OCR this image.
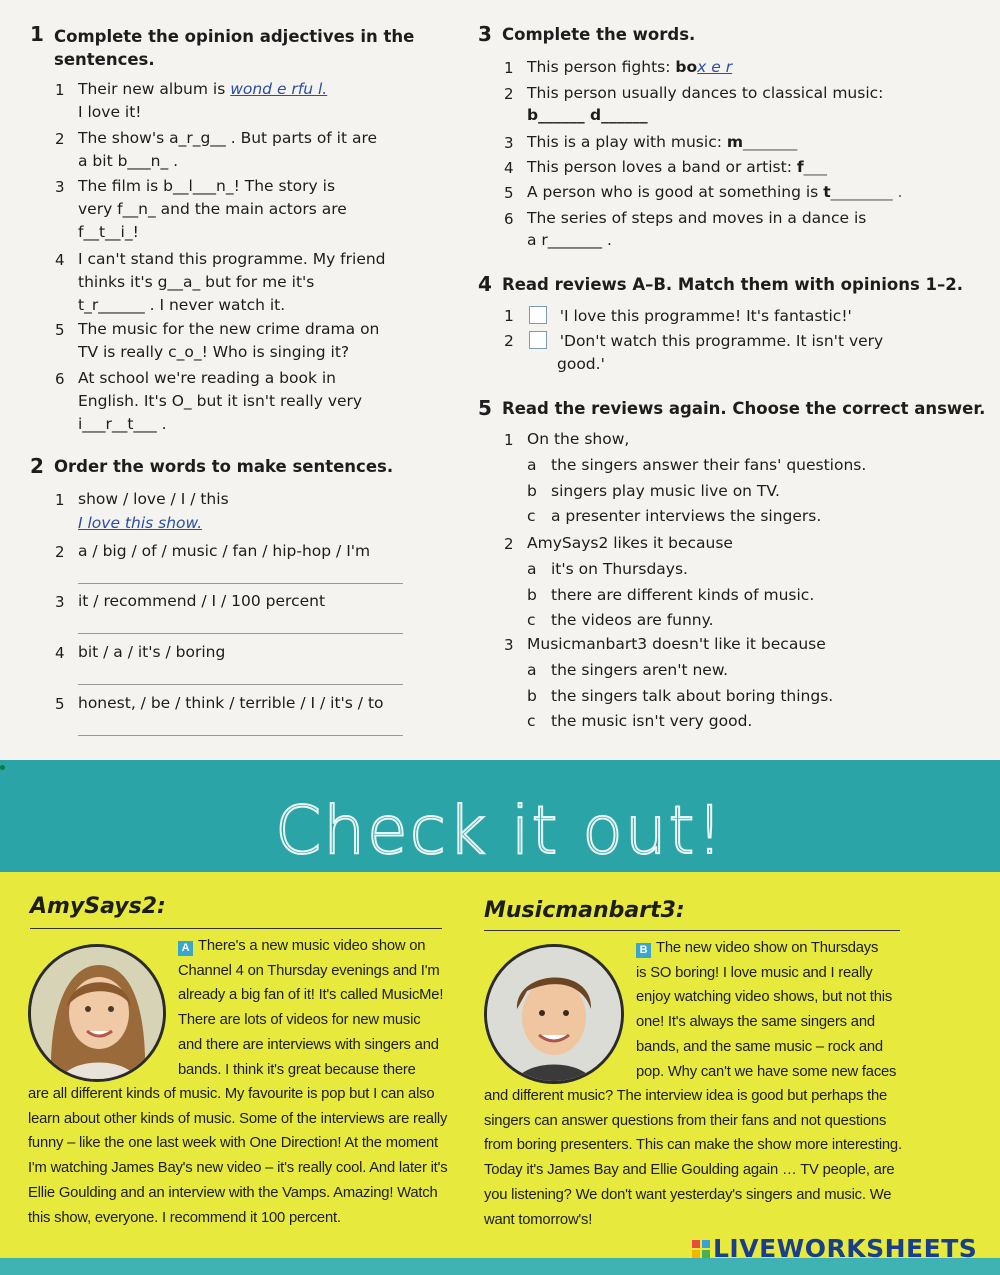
1 Complete the opinion adjectives in the
sentences.
1 Their new album is wond e rfu l.
I love it!
2 The show's a_r_g__ . But parts of it are
a bit b___n_ .
3 The film is b__l___n_! The story is
very f__n_ and the main actors are
f__t__i_!
4 I can't stand this programme. My friend
thinks it's g__a_ but for me it's
t_r______ . I never watch it.
5 The music for the new crime drama on
TV is really c_o_! Who is singing it?
6 At school we're reading a book in
English. It's O_ but it isn't really very
i___r__t___ .
2 Order the words to make sentences.
1 show / love / I / this
I love this show.
2 a / big / of / music / fan / hip-hop / I'm
3 it / recommend / I / 100 percent
4 bit / a / it's / boring
5 honest, / be / think / terrible / I / it's / to
3 Complete the words.
1 This person fights: box e r
2 This person usually dances to classical music:
b______ d______
3 This is a play with music: m_______
4 This person loves a band or artist: f___
5 A person who is good at something is t________ .
6 The series of steps and moves in a dance is
a r_______ .
4 Read reviews A–B. Match them with opinions 1–2.
1	'I love this programme! It's fantastic!'
2	'Don't watch this programme. It isn't very
good.'
5 Read the reviews again. Choose the correct answer.
1 On the show,
a the singers answer their fans' questions.
b singers play music live on TV.
c a presenter interviews the singers.
2 AmySays2 likes it because
a it's on Thursdays.
b there are different kinds of music.
c the videos are funny.
3 Musicmanbart3 doesn't like it because
a the singers aren't new.
b the singers talk about boring things.
c the music isn't very good.
Check it out!
AmySays2:
A There's a new music video show on
Channel 4 on Thursday evenings and I'm
already a big fan of it! It's called MusicMe!
There are lots of videos for new music
and there are interviews with singers and
bands. I think it's great because there
are all different kinds of music. My favourite is pop but I can also
learn about other kinds of music. Some of the interviews are really
funny – like the one last week with One Direction! At the moment
I'm watching James Bay's new video – it's really cool. And later it's
Ellie Goulding and an interview with the Vamps. Amazing! Watch
this show, everyone. I recommend it 100 percent.
Musicmanbart3:
B The new video show on Thursdays
is SO boring! I love music and I really
enjoy watching video shows, but not this
one! It's always the same singers and
bands, and the same music – rock and
pop. Why can't we have some new faces
and different music? The interview idea is good but perhaps the
singers can answer questions from their fans and not questions
from boring presenters. This can make the show more interesting.
Today it's James Bay and Ellie Goulding again … TV people, are
you listening? We don't want yesterday's singers and music. We
want tomorrow's!
LIVEWORKSHEETS
